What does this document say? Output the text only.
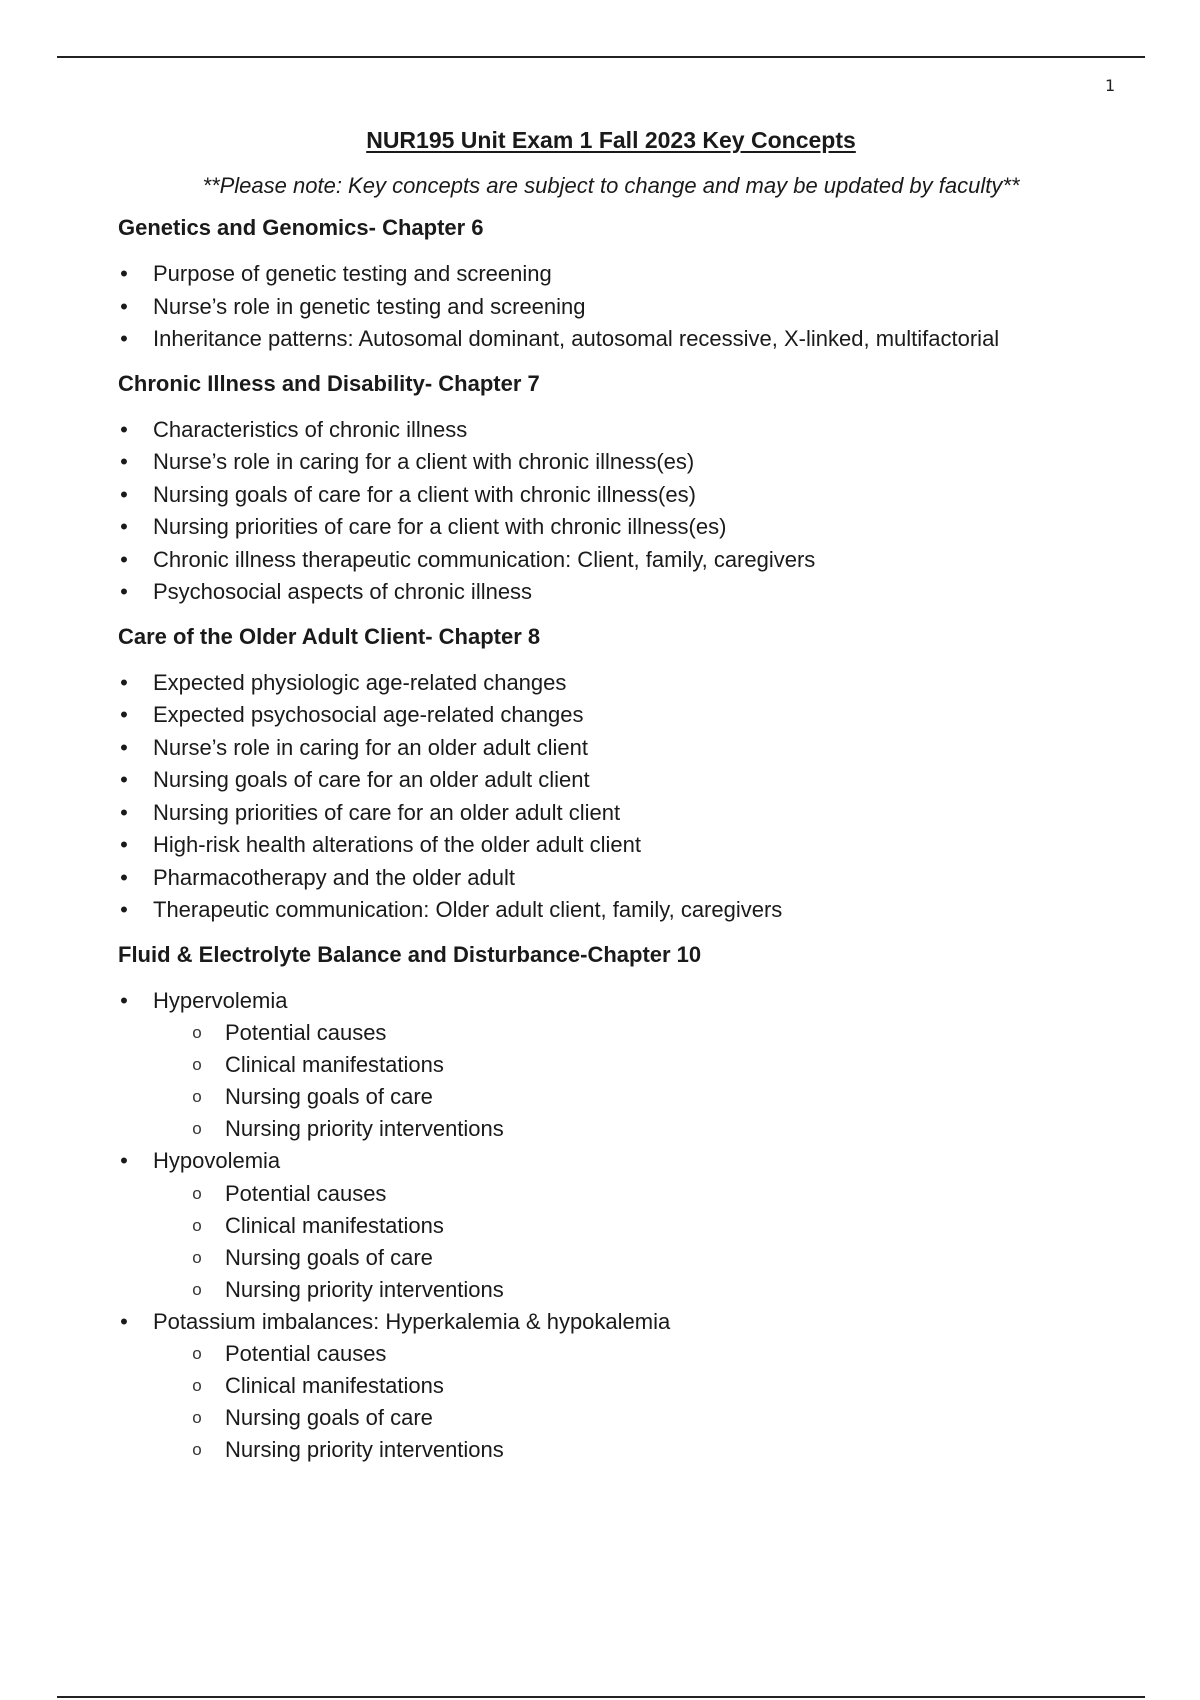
1
NUR195 Unit Exam 1 Fall 2023 Key Concepts
**Please note: Key concepts are subject to change and may be updated by faculty**
Genetics and Genomics- Chapter 6
• Purpose of genetic testing and screening
• Nurse’s role in genetic testing and screening
• Inheritance patterns: Autosomal dominant, autosomal recessive, X-linked, multifactorial
Chronic Illness and Disability- Chapter 7
• Characteristics of chronic illness
• Nurse’s role in caring for a client with chronic illness(es)
• Nursing goals of care for a client with chronic illness(es)
• Nursing priorities of care for a client with chronic illness(es)
• Chronic illness therapeutic communication: Client, family, caregivers
• Psychosocial aspects of chronic illness
Care of the Older Adult Client- Chapter 8
• Expected physiologic age-related changes
• Expected psychosocial age-related changes
• Nurse’s role in caring for an older adult client
• Nursing goals of care for an older adult client
• Nursing priorities of care for an older adult client
• High-risk health alterations of the older adult client
• Pharmacotherapy and the older adult
• Therapeutic communication: Older adult client, family, caregivers
Fluid & Electrolyte Balance and Disturbance-Chapter 10
• Hypervolemia
o Potential causes
o Clinical manifestations
o Nursing goals of care
o Nursing priority interventions
• Hypovolemia
o Potential causes
o Clinical manifestations
o Nursing goals of care
o Nursing priority interventions
• Potassium imbalances: Hyperkalemia & hypokalemia
o Potential causes
o Clinical manifestations
o Nursing goals of care
o Nursing priority interventions
